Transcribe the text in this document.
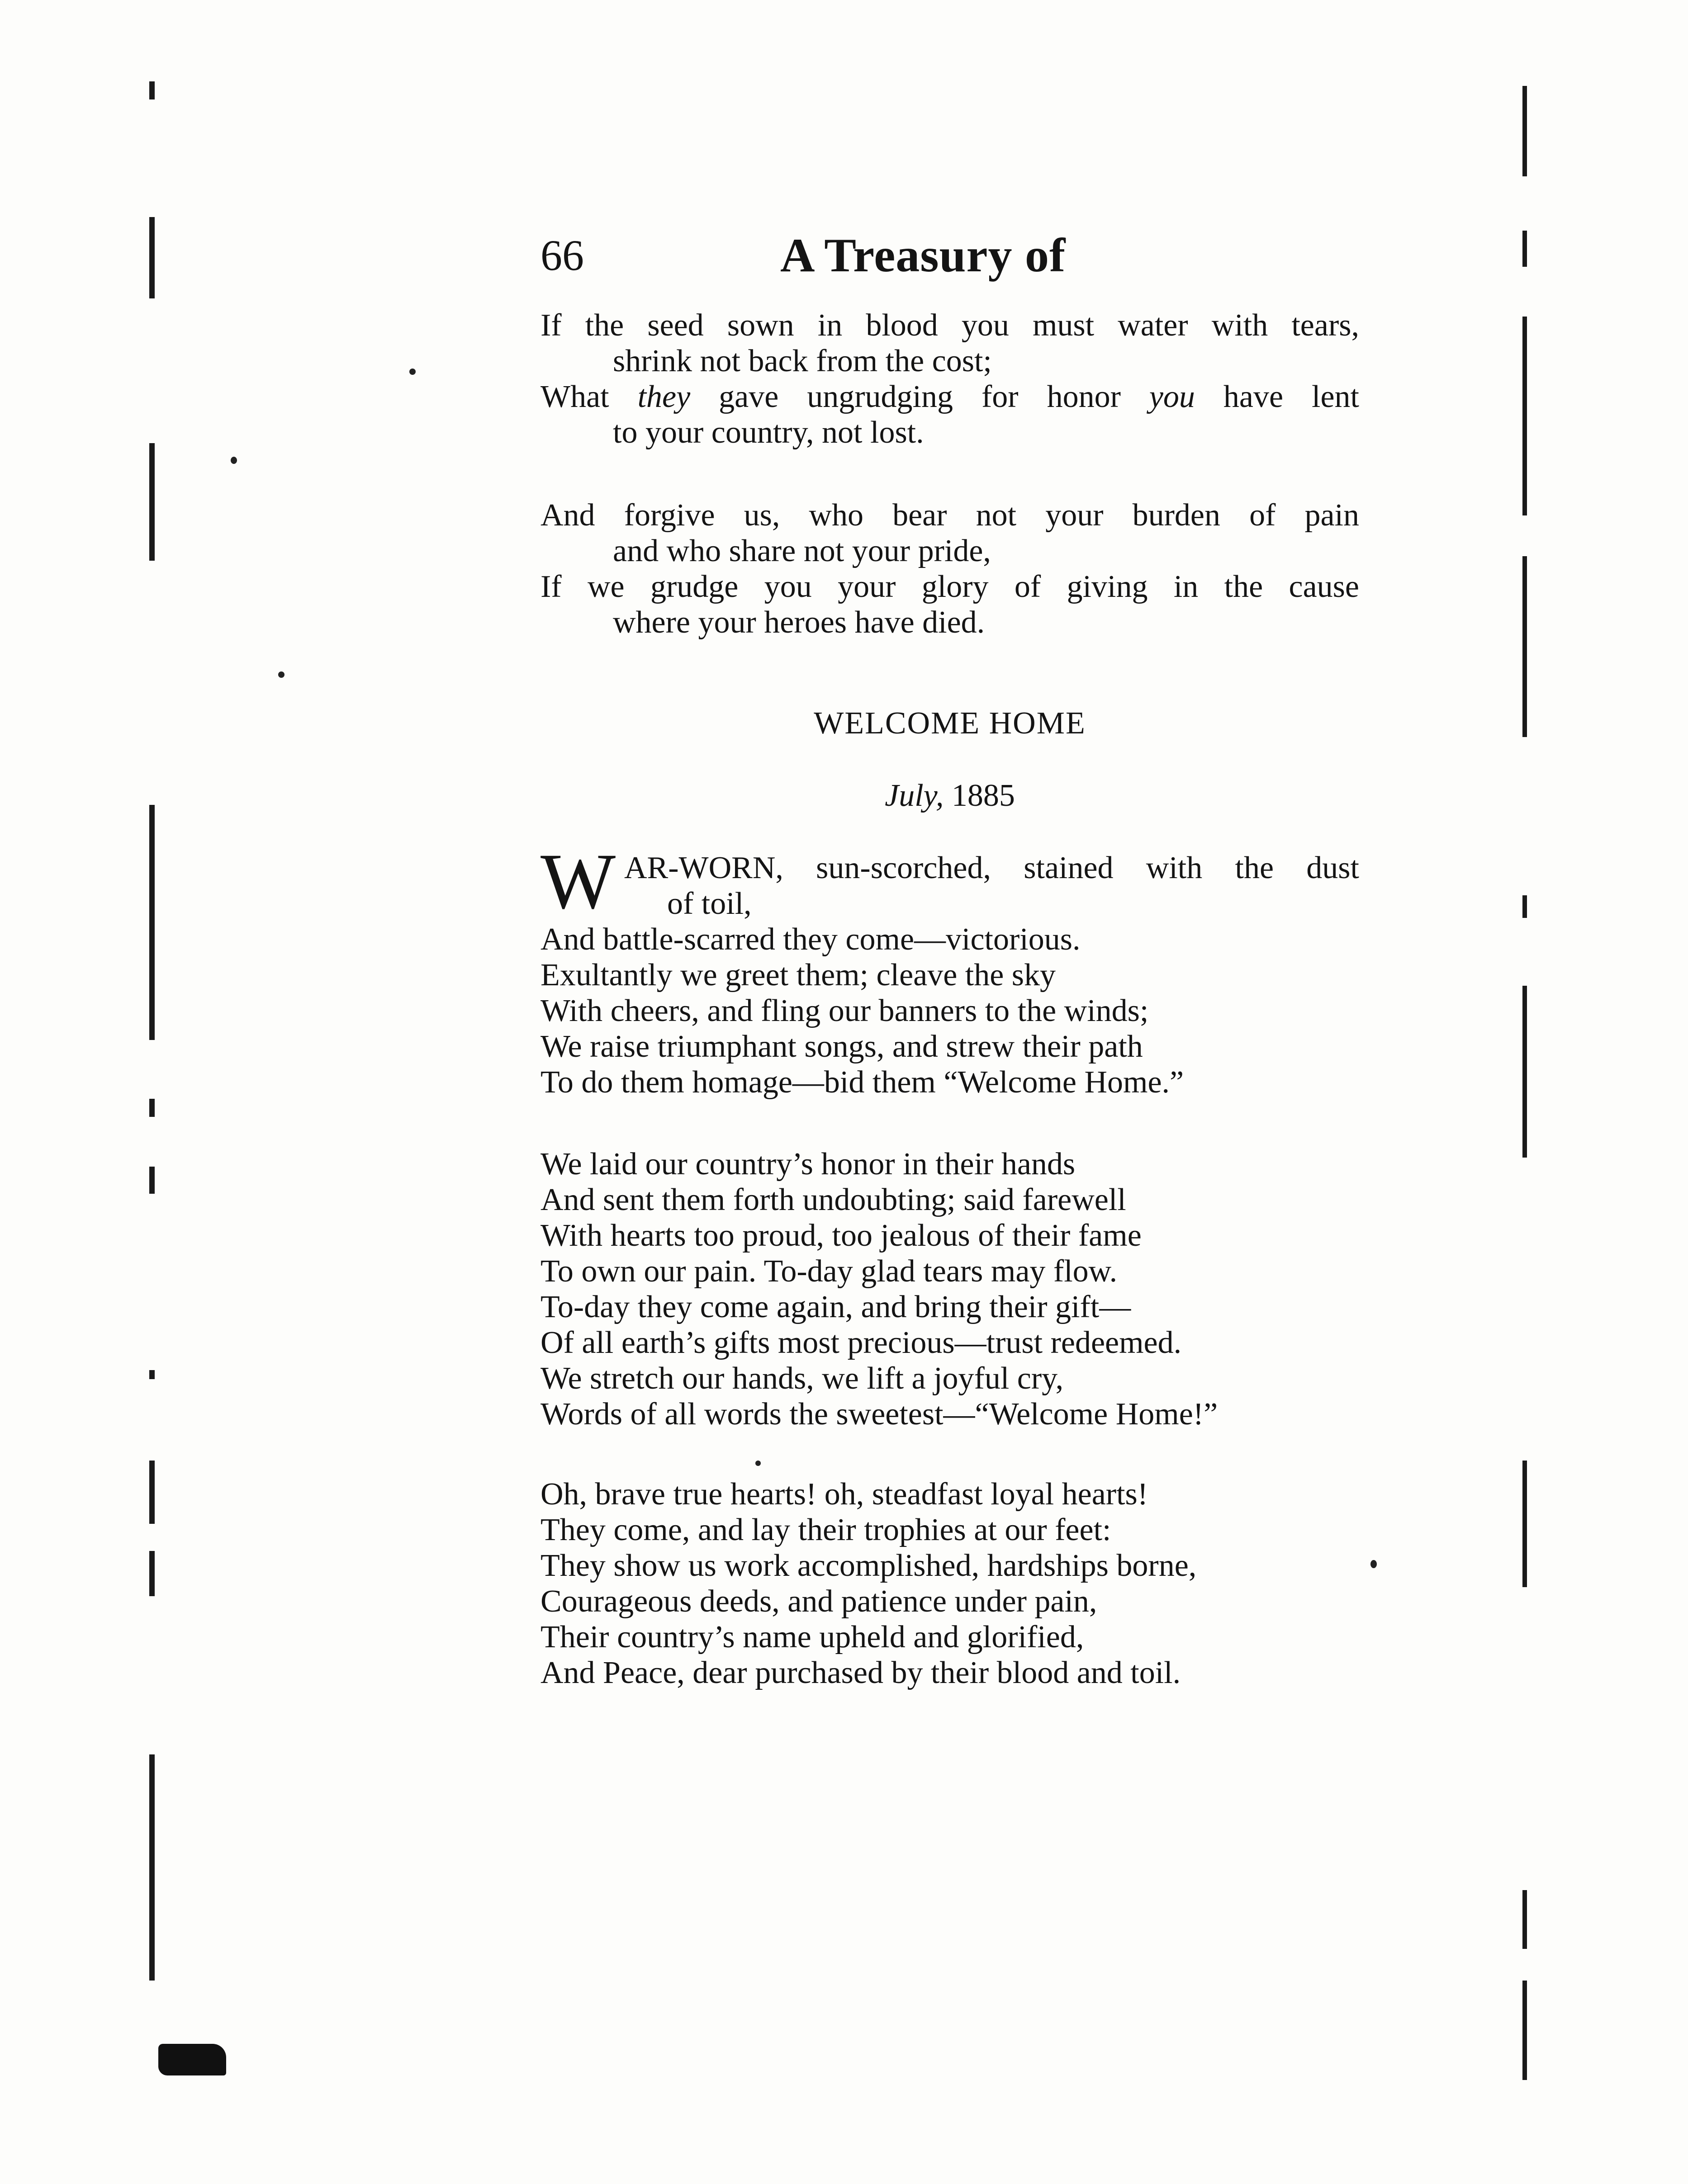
66	A Treasury of
If the seed sown in blood you must water with tears,
shrink not back from the cost;
What they gave ungrudging for honor you have lent
to your country, not lost.
And forgive us, who bear not your burden of pain
and who share not your pride,
If we grudge you your glory of giving in the cause
where your heroes have died.
WELCOME HOME
July, 1885
W AR-WORN, sun-scorched, stained with the dust
of toil,
And battle-scarred they come—victorious.
Exultantly we greet them; cleave the sky
With cheers, and fling our banners to the winds;
We raise triumphant songs, and strew their path
To do them homage—bid them “Welcome Home.”
We laid our country’s honor in their hands
And sent them forth undoubting; said farewell
With hearts too proud, too jealous of their fame
To own our pain. To-day glad tears may flow.
To-day they come again, and bring their gift—
Of all earth’s gifts most precious—trust redeemed.
We stretch our hands, we lift a joyful cry,
Words of all words the sweetest—“Welcome Home!”
Oh, brave true hearts! oh, steadfast loyal hearts!
They come, and lay their trophies at our feet:
They show us work accomplished, hardships borne,
Courageous deeds, and patience under pain,
Their country’s name upheld and glorified,
And Peace, dear purchased by their blood and toil.
